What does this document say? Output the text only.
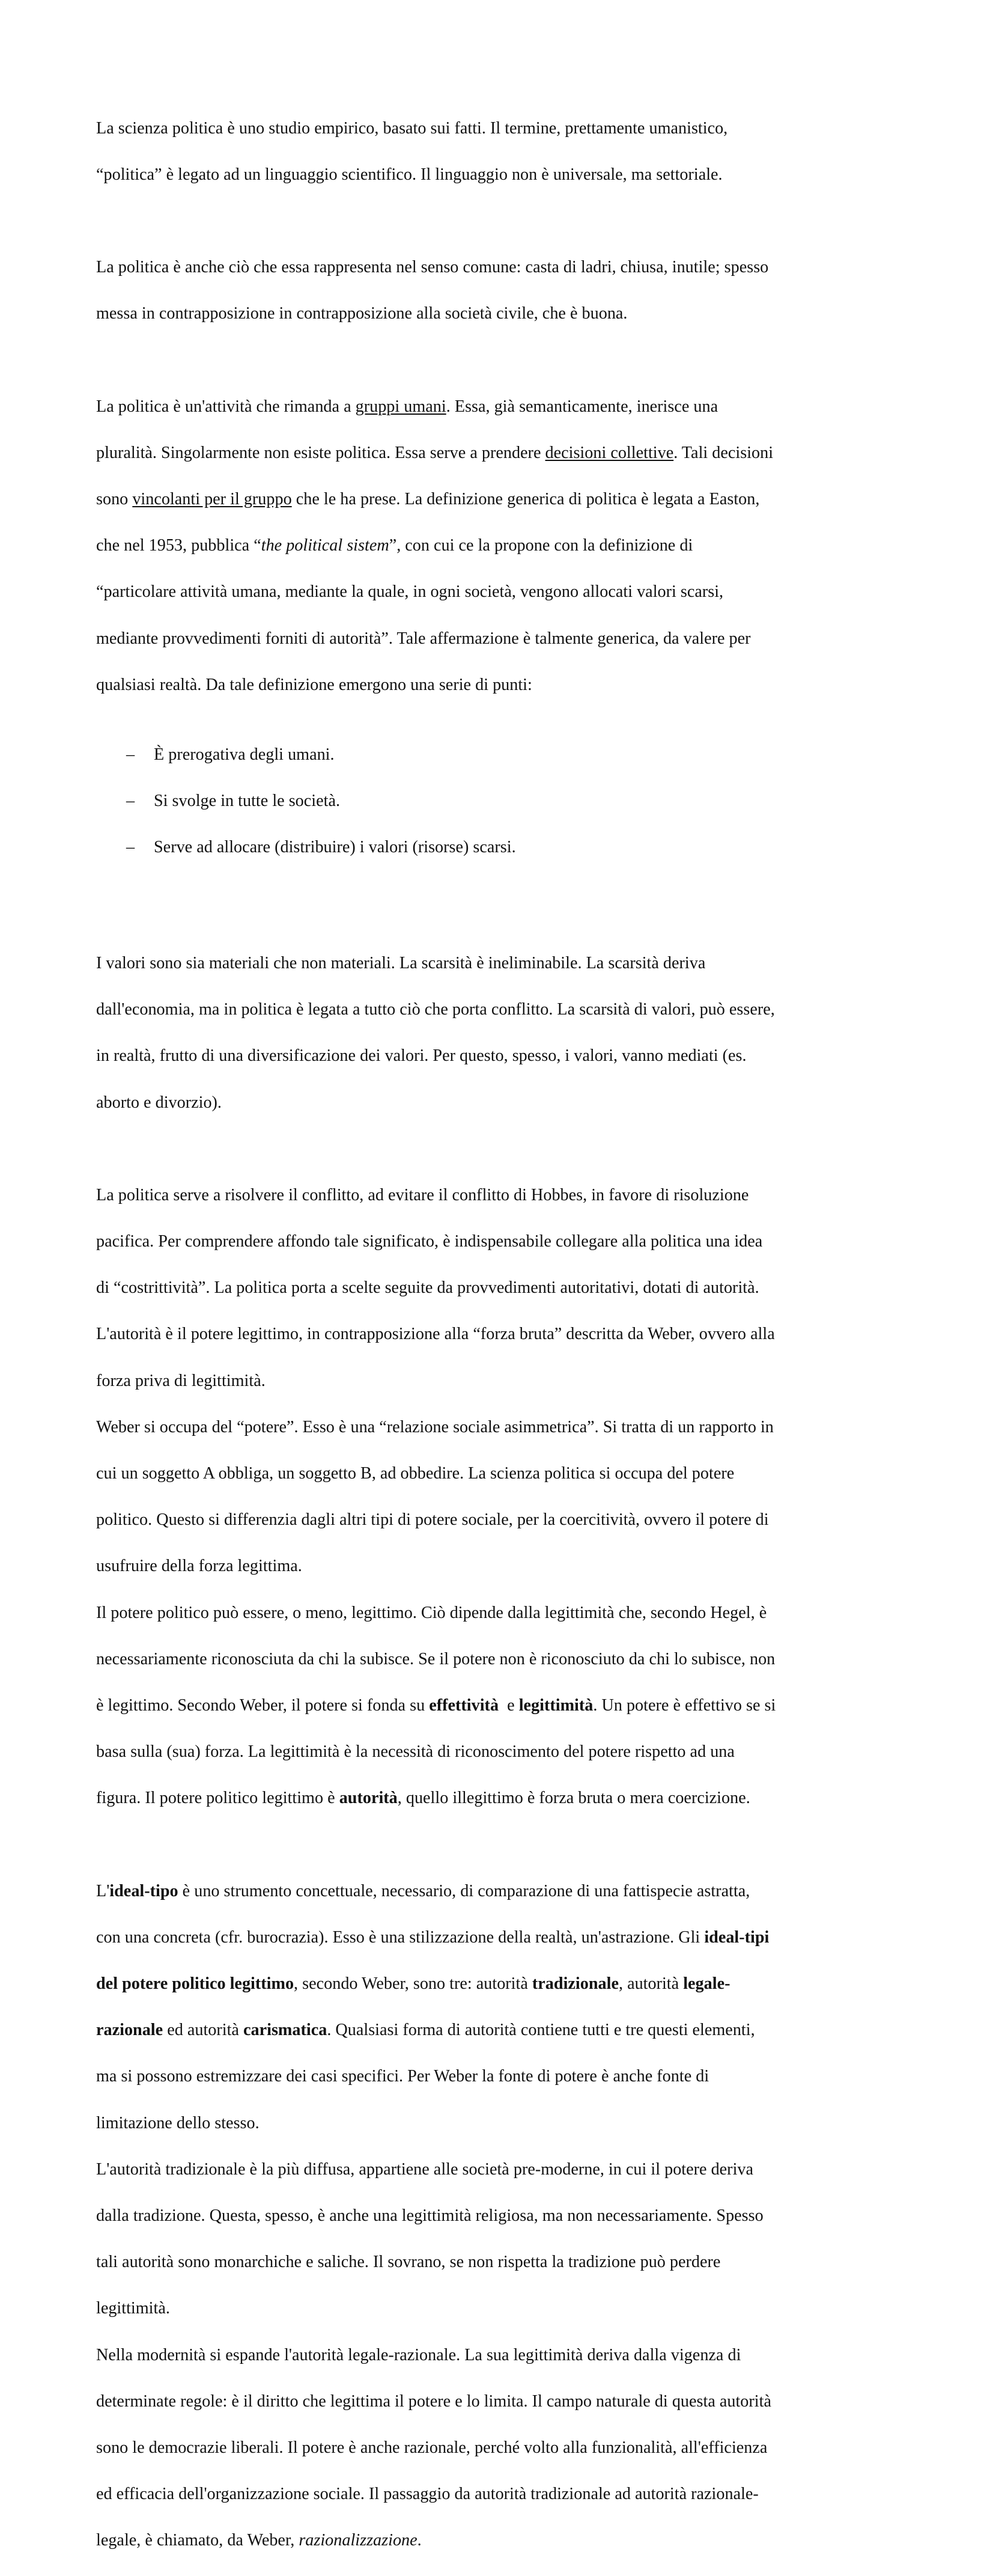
La scienza politica è uno studio empirico, basato sui fatti. Il termine, prettamente umanistico,

“politica” è legato ad un linguaggio scientifico. Il linguaggio non è universale, ma settoriale.

La politica è anche ciò che essa rappresenta nel senso comune: casta di ladri, chiusa, inutile; spesso

messa in contrapposizione in contrapposizione alla società civile, che è buona.

La politica è un'attività che rimanda a gruppi umani. Essa, già semanticamente, inerisce una

pluralità. Singolarmente non esiste politica. Essa serve a prendere decisioni collettive. Tali decisioni

sono vincolanti per il gruppo che le ha prese. La definizione generica di politica è legata a Easton,

che nel 1953, pubblica “the political sistem”, con cui ce la propone con la definizione di

“particolare attività umana, mediante la quale, in ogni società, vengono allocati valori scarsi,

mediante provvedimenti forniti di autorità”. Tale affermazione è talmente generica, da valere per

qualsiasi realtà. Da tale definizione emergono una serie di punti:

– È prerogativa degli umani.

– Si svolge in tutte le società.

– Serve ad allocare (distribuire) i valori (risorse) scarsi.

I valori sono sia materiali che non materiali. La scarsità è ineliminabile. La scarsità deriva

dall'economia, ma in politica è legata a tutto ciò che porta conflitto. La scarsità di valori, può essere,

in realtà, frutto di una diversificazione dei valori. Per questo, spesso, i valori, vanno mediati (es.

aborto e divorzio).

La politica serve a risolvere il conflitto, ad evitare il conflitto di Hobbes, in favore di risoluzione

pacifica. Per comprendere affondo tale significato, è indispensabile collegare alla politica una idea

di “costrittività”. La politica porta a scelte seguite da provvedimenti autoritativi, dotati di autorità.

L'autorità è il potere legittimo, in contrapposizione alla “forza bruta” descritta da Weber, ovvero alla

forza priva di legittimità.

Weber si occupa del “potere”. Esso è una “relazione sociale asimmetrica”. Si tratta di un rapporto in

cui un soggetto A obbliga, un soggetto B, ad obbedire. La scienza politica si occupa del potere

politico. Questo si differenzia dagli altri tipi di potere sociale, per la coercitività, ovvero il potere di

usufruire della forza legittima.

Il potere politico può essere, o meno, legittimo. Ciò dipende dalla legittimità che, secondo Hegel, è

necessariamente riconosciuta da chi la subisce. Se il potere non è riconosciuto da chi lo subisce, non

è legittimo. Secondo Weber, il potere si fonda su effettività  e legittimità. Un potere è effettivo se si

basa sulla (sua) forza. La legittimità è la necessità di riconoscimento del potere rispetto ad una

figura. Il potere politico legittimo è autorità, quello illegittimo è forza bruta o mera coercizione.

L'ideal-tipo è uno strumento concettuale, necessario, di comparazione di una fattispecie astratta,

con una concreta (cfr. burocrazia). Esso è una stilizzazione della realtà, un'astrazione. Gli ideal-tipi

del potere politico legittimo, secondo Weber, sono tre: autorità tradizionale, autorità legale-

razionale ed autorità carismatica. Qualsiasi forma di autorità contiene tutti e tre questi elementi,

ma si possono estremizzare dei casi specifici. Per Weber la fonte di potere è anche fonte di

limitazione dello stesso.

L'autorità tradizionale è la più diffusa, appartiene alle società pre-moderne, in cui il potere deriva

dalla tradizione. Questa, spesso, è anche una legittimità religiosa, ma non necessariamente. Spesso

tali autorità sono monarchiche e saliche. Il sovrano, se non rispetta la tradizione può perdere

legittimità.

Nella modernità si espande l'autorità legale-razionale. La sua legittimità deriva dalla vigenza di

determinate regole: è il diritto che legittima il potere e lo limita. Il campo naturale di questa autorità

sono le democrazie liberali. Il potere è anche razionale, perché volto alla funzionalità, all'efficienza

ed efficacia dell'organizzazione sociale. Il passaggio da autorità tradizionale ad autorità razionale-

legale, è chiamato, da Weber, razionalizzazione.
